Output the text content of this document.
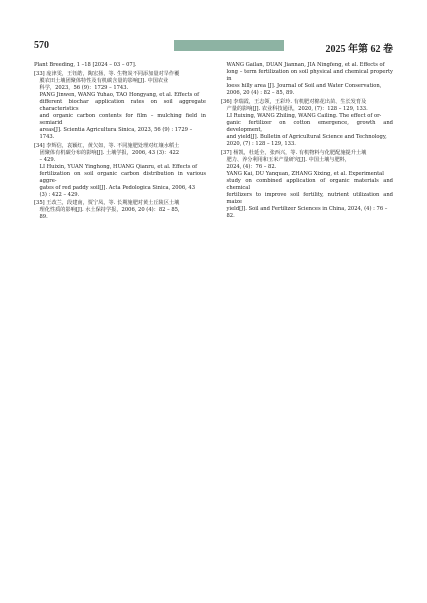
570	2025 年第 62 卷
Plant Breeding, 1 –18 [2024 – 03 – 07].
[33] 庞津雯，王钰皓，陶宏扬，等. 生物炭不同添加量对旱作覆
膜农田土壤团聚体特性及有机碳含量的影响[J]. 中国农业
科学，2023，56 (9)：1729 – 1743.
PANG Jinwen, WANG Yuhao, TAO Hongyang, et al. Effects of
different biochar application rates on soil aggregate characteristics
and organic carbon contents for film – mulching field in semiarid
areas[J]. Scientia Agricultura Sinica, 2023, 56 (9) : 1729 –
1743.
[34] 李辉信，袁颖红，黄欠如，等. 不同施肥处理对红壤水稻土
团聚体有机碳分布的影响[J]. 土壤学报，2006, 43 (3)：422
– 429.
LI Huixin, YUAN Yinghong, HUANG Qianru, et al. Effects of
fertilization on soil organic carbon distribution in various aggre-
gates of red paddy soil[J]. Acta Pedologica Sinica, 2006, 43
(3) : 422 – 429.
[35] 王改兰，段建南，贾宁凤，等. 长期施肥对黄土丘陵区土壤
理化性质的影响[J]. 水土保持学报，2006, 20 (4)：82 – 85,
89.
WANG Gailan, DUAN Jiannan, JIA Ningfeng, et al. Effects of
long – term fertilization on soil physical and chemical property in
loess hilly area [J]. Journal of Soil and Water Conservation,
2006, 20 (4) : 82 – 85, 89.
[36] 李瑞霞，王志领，王彩玲. 有机肥对棉花出苗、生长发育及
产量的影响[J]. 农业科技通讯，2020, (7)：128 – 129, 133.
LI Ruixing, WANG Zhiling, WANG Cailing. The effect of or-
ganic fertilizer on cotton emergence, growth and development,
and yield[J]. Bulletin of Agricultural Science and Technology,
2020, (7) : 128 – 129, 133.
[37] 杨凯，杜延全，张西兴，等. 有机物料与化肥配施提升土壤
肥力、养分利用和玉米产量研究[J]. 中国土壤与肥料，
2024, (4)：76 – 82.
YANG Kai, DU Yanquan, ZHANG Xixing, et al. Experimental
study on combined application of organic materials and chemical
fertilizers to improve soil fertility, nutrient utilization and maize
yield[J]. Soil and Fertilizer Sciences in China, 2024, (4) : 76 –
82.
